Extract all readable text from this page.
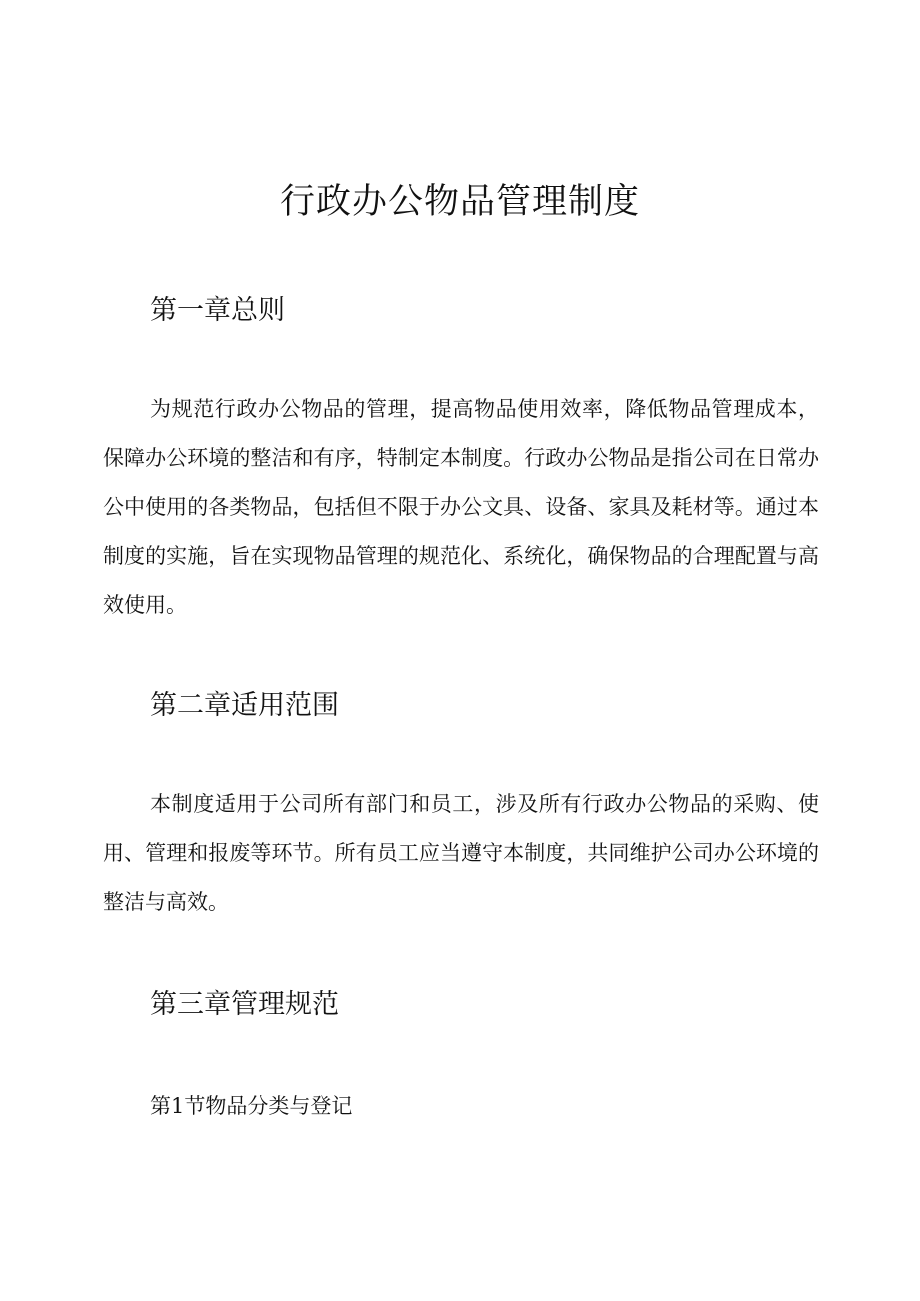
行政办公物品管理制度
第一章总则

为规范行政办公物品的管理，提高物品使用效率，降低物品管理成本，保障办公环境的整洁和有序，特制定本制度。行政办公物品是指公司在日常办公中使用的各类物品，包括但不限于办公文具、设备、家具及耗材等。通过本制度的实施，旨在实现物品管理的规范化、系统化，确保物品的合理配置与高效使用。

第二章适用范围

本制度适用于公司所有部门和员工，涉及所有行政办公物品的采购、使用、管理和报废等环节。所有员工应当遵守本制度，共同维护公司办公环境的整洁与高效。

第三章管理规范
第1节物品分类与登记
